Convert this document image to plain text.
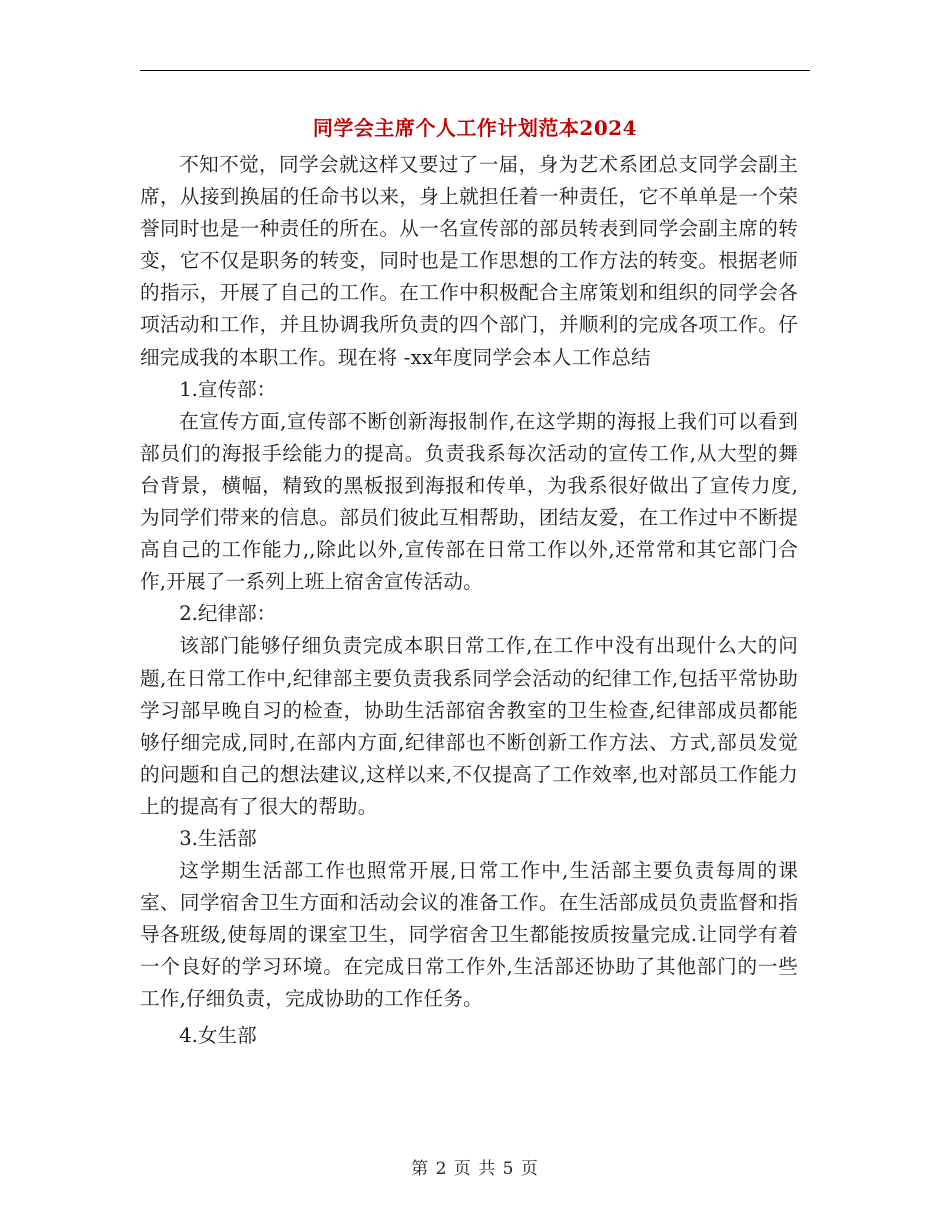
同学会主席个人工作计划范本2024

不知不觉，同学会就这样又要过了一届，身为艺术系团总支同学会副主席，从接到换届的任命书以来，身上就担任着一种责任，它不单单是一个荣誉同时也是一种责任的所在。从一名宣传部的部员转表到同学会副主席的转变，它不仅是职务的转变，同时也是工作思想的工作方法的转变。根据老师的指示，开展了自己的工作。在工作中积极配合主席策划和组织的同学会各项活动和工作，并且协调我所负责的四个部门，并顺利的完成各项工作。仔细完成我的本职工作。现在将 -xx年度同学会本人工作总结

1.宣传部：

在宣传方面,宣传部不断创新海报制作,在这学期的海报上我们可以看到部员们的海报手绘能力的提高。负责我系每次活动的宣传工作,从大型的舞台背景，横幅，精致的黑板报到海报和传单，为我系很好做出了宣传力度,为同学们带来的信息。部员们彼此互相帮助，团结友爱，在工作过中不断提高自己的工作能力,,除此以外,宣传部在日常工作以外,还常常和其它部门合作,开展了一系列上班上宿舍宣传活动。

2.纪律部：

该部门能够仔细负责完成本职日常工作,在工作中没有出现什么大的问题,在日常工作中,纪律部主要负责我系同学会活动的纪律工作,包括平常协助学习部早晚自习的检查，协助生活部宿舍教室的卫生检查,纪律部成员都能够仔细完成,同时,在部内方面,纪律部也不断创新工作方法、方式,部员发觉的问题和自己的想法建议,这样以来,不仅提高了工作效率,也对部员工作能力上的提高有了很大的帮助。

3.生活部

这学期生活部工作也照常开展,日常工作中,生活部主要负责每周的课室、同学宿舍卫生方面和活动会议的准备工作。在生活部成员负责监督和指导各班级,使每周的课室卫生，同学宿舍卫生都能按质按量完成.让同学有着一个良好的学习环境。在完成日常工作外,生活部还协助了其他部门的一些工作,仔细负责，完成协助的工作任务。

4.女生部

第 2 页 共 5 页
